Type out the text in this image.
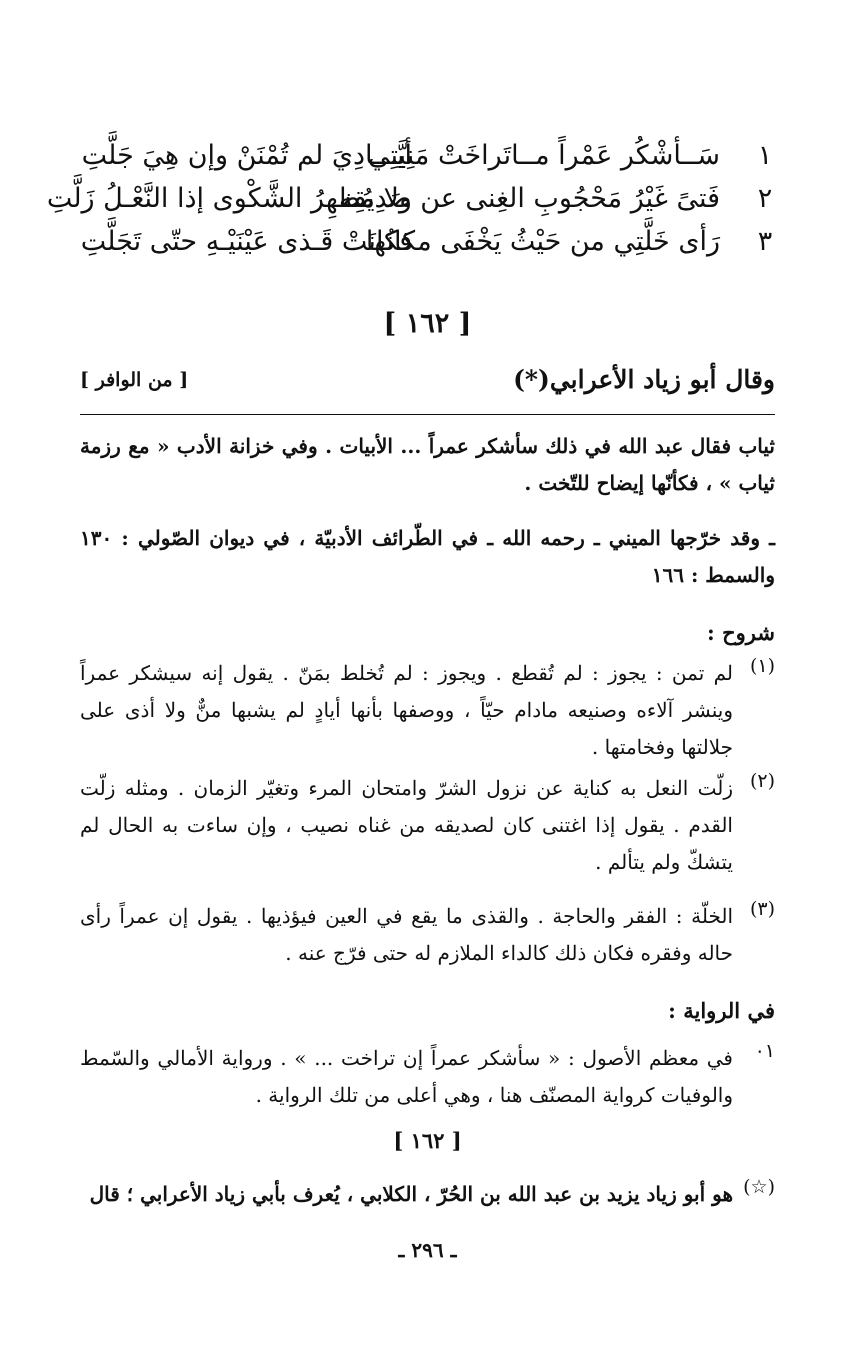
١
سَــأشْكُر عَمْراً مــاتَراخَتْ مَنِيَّتِي
أيـــادِيَ لم تُمْنَنْ وإن هِيَ جَلَّتِ
٢
فَتىً غَيْرُ مَحْجُوبِ الغِنى عن صَدِيقِه
ولا مُظهِرُ الشَّكْوى إذا النَّعْـلُ زَلَّتِ
٣
رَأى خَلَّتِي من حَيْثُ يَخْفَى مكانُها
فكانَتْ قَـذى عَيْنَيْـهِ حتّى تَجَلَّتِ
[ ١٦٢ ]
وقال أبو زياد الأعرابي(*)
[ من الوافر ]
ثياب فقال عبد الله في ذلك سأشكر عمراً ... الأبيات . وفي خزانة الأدب « مع رزمة ثياب » ، فكأنّها إيضاح للتّخت .
ـ وقد خرّجها الميني ـ رحمه الله ـ في الطّرائف الأدبيّة ، في ديوان الصّولي : ١٣٠ والسمط : ١٦٦
شروح :
(١)
لم تمن : يجوز : لم تُقطع . ويجوز : لم تُخلط بمَنّ . يقول إنه سيشكر عمراً وينشر آلاءه وصنيعه مادام حيّاً ، ووصفها بأنها أيادٍ لم يشبها منٌّ ولا أذى على جلالتها وفخامتها .
(٢)
زلّت النعل به كناية عن نزول الشرّ وامتحان المرء وتغيّر الزمان . ومثله زلّت القدم . يقول إذا اغتنى كان لصديقه من غناه نصيب ، وإن ساءت به الحال لم يتشكّ ولم يتألم .
(٣)
الخلّة : الفقر والحاجة . والقذى ما يقع في العين فيؤذيها . يقول إن عمراً رأى حاله وفقره فكان ذلك كالداء الملازم له حتى فرّج عنه .
في الرواية :
٠١
في معظم الأصول : « سأشكر عمراً إن تراخت ... » . ورواية الأمالي والسّمط والوفيات كرواية المصنّف هنا ، وهي أعلى من تلك الرواية .
[ ١٦٢ ]
(☆)
هو أبو زياد يزيد بن عبد الله بن الحُرّ ، الكلابي ، يُعرف بأبي زياد الأعرابي ؛ قال
ـ ٢٩٦ ـ
